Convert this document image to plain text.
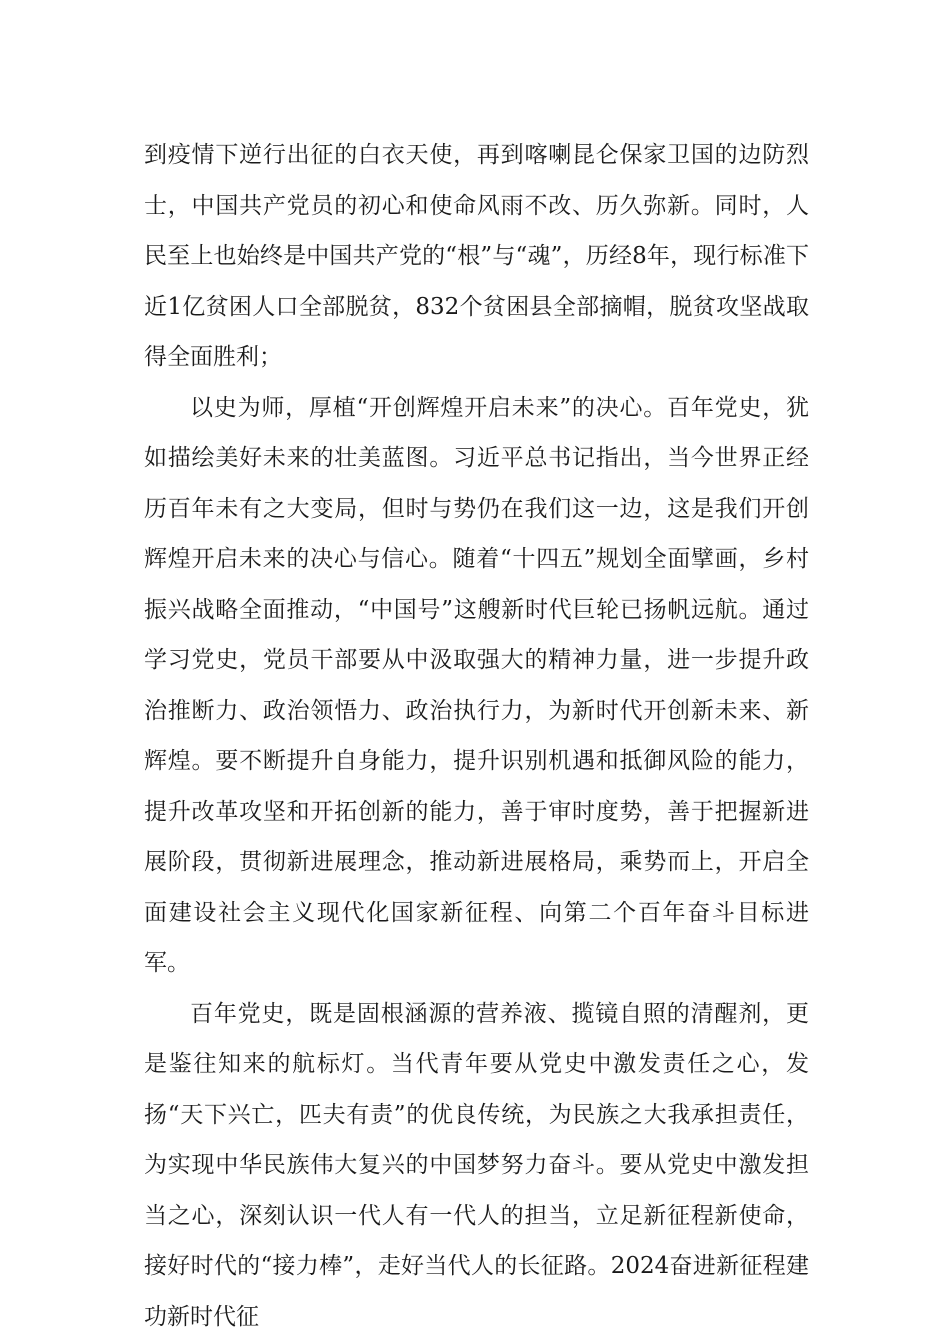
到疫情下逆行出征的白衣天使，再到喀喇昆仑保家卫国的边防烈士，中国共产党员的初心和使命风雨不改、历久弥新。同时，人民至上也始终是中国共产党的“根”与“魂”，历经8年，现行标准下近1亿贫困人口全部脱贫，832个贫困县全部摘帽，脱贫攻坚战取得全面胜利；

以史为师，厚植“开创辉煌开启未来”的决心。百年党史，犹如描绘美好未来的壮美蓝图。习近平总书记指出，当今世界正经历百年未有之大变局，但时与势仍在我们这一边，这是我们开创辉煌开启未来的决心与信心。随着“十四五”规划全面擘画，乡村振兴战略全面推动，“中国号”这艘新时代巨轮已扬帆远航。通过学习党史，党员干部要从中汲取强大的精神力量，进一步提升政治推断力、政治领悟力、政治执行力，为新时代开创新未来、新辉煌。要不断提升自身能力，提升识别机遇和抵御风险的能力，提升改革攻坚和开拓创新的能力，善于审时度势，善于把握新进展阶段，贯彻新进展理念，推动新进展格局，乘势而上，开启全面建设社会主义现代化国家新征程、向第二个百年奋斗目标进军。

百年党史，既是固根涵源的营养液、揽镜自照的清醒剂，更是鉴往知来的航标灯。当代青年要从党史中激发责任之心，发扬“天下兴亡，匹夫有责”的优良传统，为民族之大我承担责任，为实现中华民族伟大复兴的中国梦努力奋斗。要从党史中激发担当之心，深刻认识一代人有一代人的担当，立足新征程新使命，接好时代的“接力棒”，走好当代人的长征路。2024奋进新征程建功新时代征
